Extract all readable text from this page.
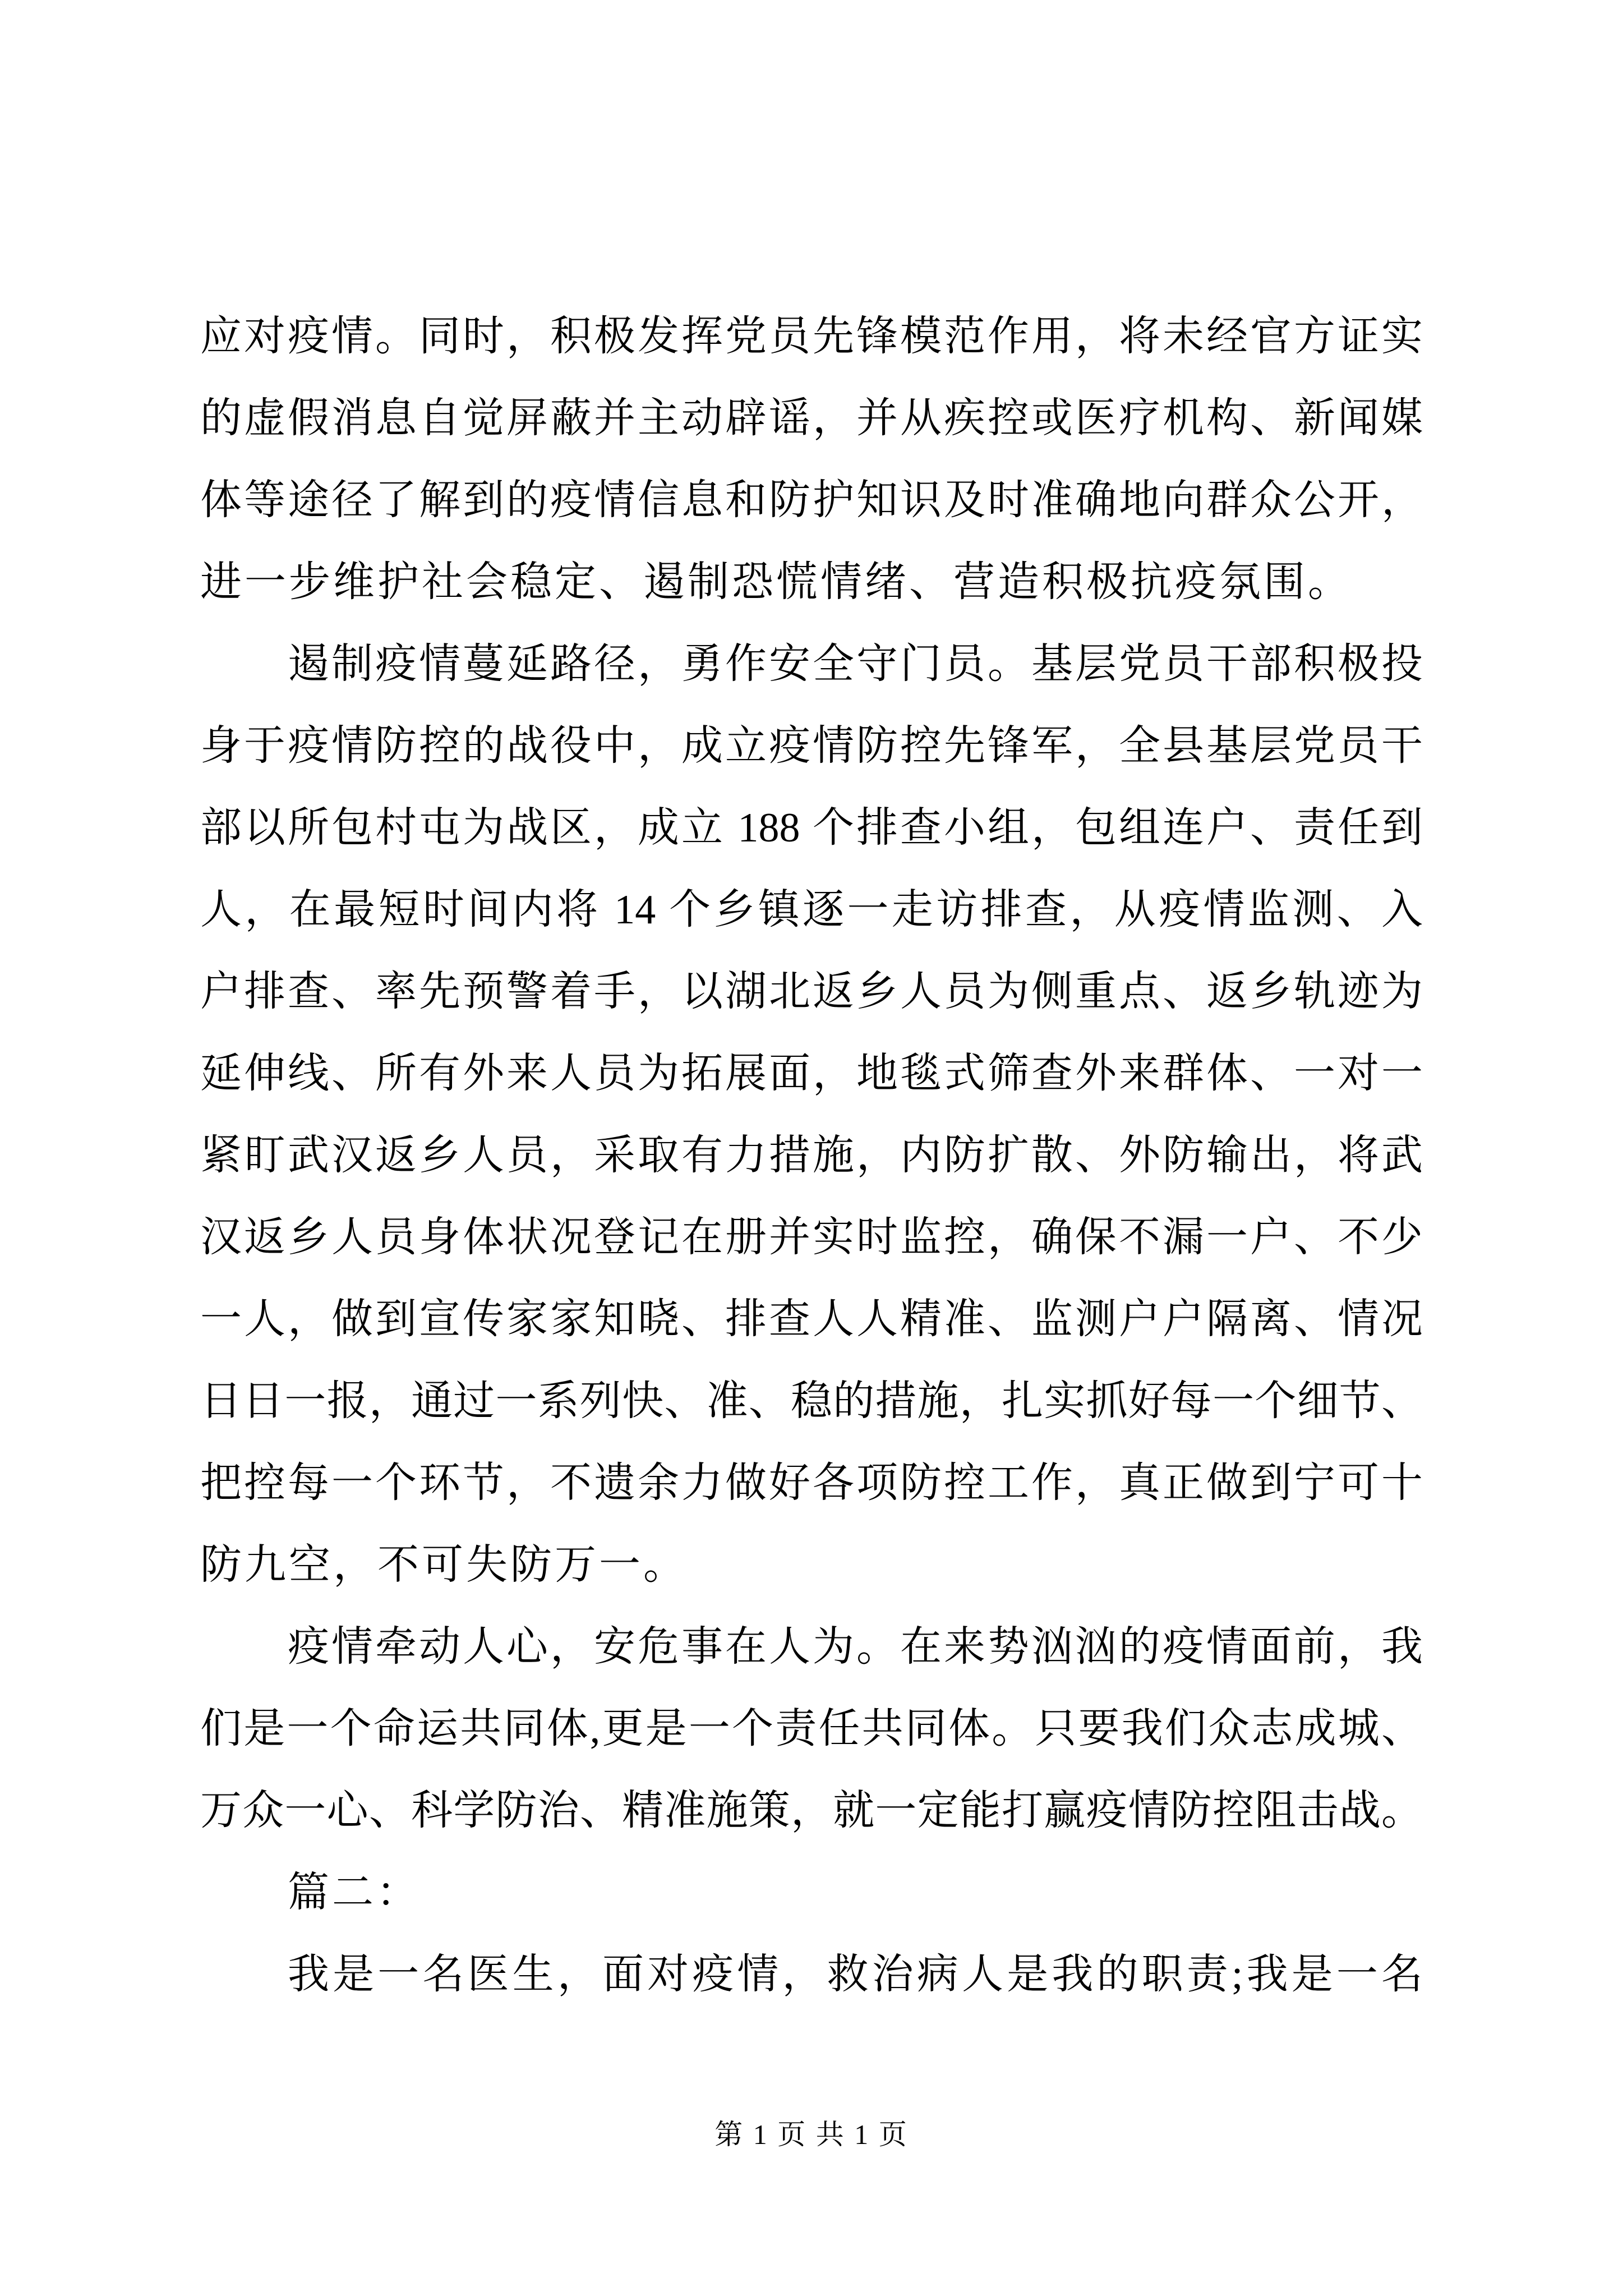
应对疫情。同时，积极发挥党员先锋模范作用，将未经官方证实
的虚假消息自觉屏蔽并主动辟谣，并从疾控或医疗机构、新闻媒
体等途径了解到的疫情信息和防护知识及时准确地向群众公开，
进一步维护社会稳定、遏制恐慌情绪、营造积极抗疫氛围。
遏制疫情蔓延路径，勇作安全守门员。基层党员干部积极投
身于疫情防控的战役中，成立疫情防控先锋军，全县基层党员干
部以所包村屯为战区，成立 188 个排查小组，包组连户、责任到
人，在最短时间内将 14 个乡镇逐一走访排查，从疫情监测、入
户排查、率先预警着手，以湖北返乡人员为侧重点、返乡轨迹为
延伸线、所有外来人员为拓展面，地毯式筛查外来群体、一对一
紧盯武汉返乡人员，采取有力措施，内防扩散、外防输出，将武
汉返乡人员身体状况登记在册并实时监控，确保不漏一户、不少
一人，做到宣传家家知晓、排查人人精准、监测户户隔离、情况
日日一报，通过一系列快、准、稳的措施，扎实抓好每一个细节、
把控每一个环节，不遗余力做好各项防控工作，真正做到宁可十
防九空，不可失防万一。
疫情牵动人心，安危事在人为。在来势汹汹的疫情面前，我
们是一个命运共同体,更是一个责任共同体。只要我们众志成城、
万众一心、科学防治、精准施策，就一定能打赢疫情防控阻击战。
篇二：
我是一名医生，面对疫情，救治病人是我的职责;我是一名
第 1 页 共 1 页
